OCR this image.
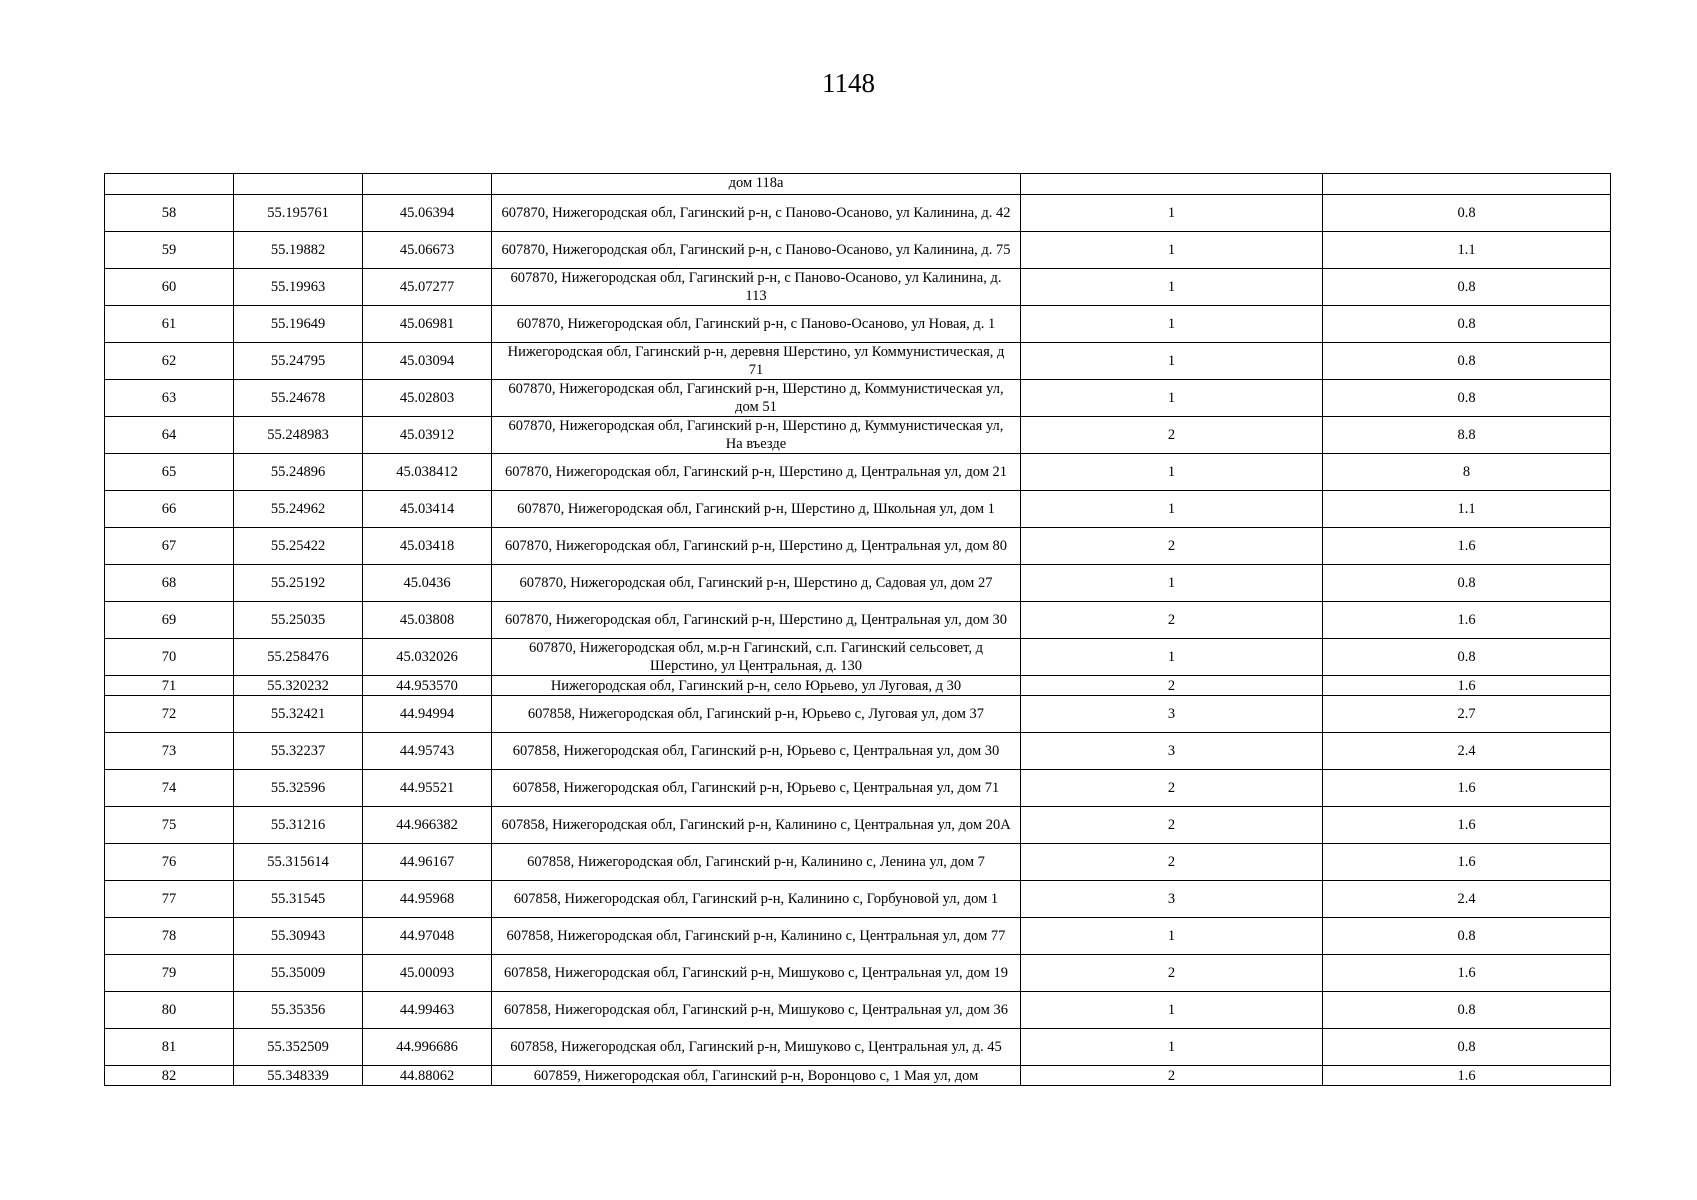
1148
			дом 118а		
58	55.195761	45.06394	607870, Нижегородская обл, Гагинский р-н, с Паново-Осаново, ул Калинина, д. 42	1	0.8
59	55.19882	45.06673	607870, Нижегородская обл, Гагинский р-н, с Паново-Осаново, ул Калинина, д. 75	1	1.1
60	55.19963	45.07277	607870, Нижегородская обл, Гагинский р-н, с Паново-Осаново, ул Калинина, д. 113	1	0.8
61	55.19649	45.06981	607870, Нижегородская обл, Гагинский р-н, с Паново-Осаново, ул Новая, д. 1	1	0.8
62	55.24795	45.03094	Нижегородская обл, Гагинский р-н, деревня Шерстино, ул Коммунистическая, д 71	1	0.8
63	55.24678	45.02803	607870, Нижегородская обл, Гагинский р-н, Шерстино д, Коммунистическая ул, дом 51	1	0.8
64	55.248983	45.03912	607870, Нижегородская обл, Гагинский р-н, Шерстино д, Куммунистическая ул, На въезде	2	8.8
65	55.24896	45.038412	607870, Нижегородская обл, Гагинский р-н, Шерстино д, Центральная ул, дом 21	1	8
66	55.24962	45.03414	607870, Нижегородская обл, Гагинский р-н, Шерстино д, Школьная ул, дом 1	1	1.1
67	55.25422	45.03418	607870, Нижегородская обл, Гагинский р-н, Шерстино д, Центральная ул, дом 80	2	1.6
68	55.25192	45.0436	607870, Нижегородская обл, Гагинский р-н, Шерстино д, Садовая ул, дом 27	1	0.8
69	55.25035	45.03808	607870, Нижегородская обл, Гагинский р-н, Шерстино д, Центральная ул, дом 30	2	1.6
70	55.258476	45.032026	607870, Нижегородская обл, м.р-н Гагинский, с.п. Гагинский сельсовет, д Шерстино, ул Центральная, д. 130	1	0.8
71	55.320232	44.953570	Нижегородская обл, Гагинский р-н, село Юрьево, ул Луговая, д 30	2	1.6
72	55.32421	44.94994	607858, Нижегородская обл, Гагинский р-н, Юрьево с, Луговая ул, дом 37	3	2.7
73	55.32237	44.95743	607858, Нижегородская обл, Гагинский р-н, Юрьево с, Центральная ул, дом 30	3	2.4
74	55.32596	44.95521	607858, Нижегородская обл, Гагинский р-н, Юрьево с, Центральная ул, дом 71	2	1.6
75	55.31216	44.966382	607858, Нижегородская обл, Гагинский р-н, Калинино с, Центральная ул, дом 20А	2	1.6
76	55.315614	44.96167	607858, Нижегородская обл, Гагинский р-н, Калинино с, Ленина ул, дом 7	2	1.6
77	55.31545	44.95968	607858, Нижегородская обл, Гагинский р-н, Калинино с, Горбуновой ул, дом 1	3	2.4
78	55.30943	44.97048	607858, Нижегородская обл, Гагинский р-н, Калинино с, Центральная ул, дом 77	1	0.8
79	55.35009	45.00093	607858, Нижегородская обл, Гагинский р-н, Мишуково с, Центральная ул, дом 19	2	1.6
80	55.35356	44.99463	607858, Нижегородская обл, Гагинский р-н, Мишуково с, Центральная ул, дом 36	1	0.8
81	55.352509	44.996686	607858, Нижегородская обл, Гагинский р-н, Мишуково с, Центральная ул, д. 45	1	0.8
82	55.348339	44.88062	607859, Нижегородская обл, Гагинский р-н, Воронцово с, 1 Мая ул, дом	2	1.6
